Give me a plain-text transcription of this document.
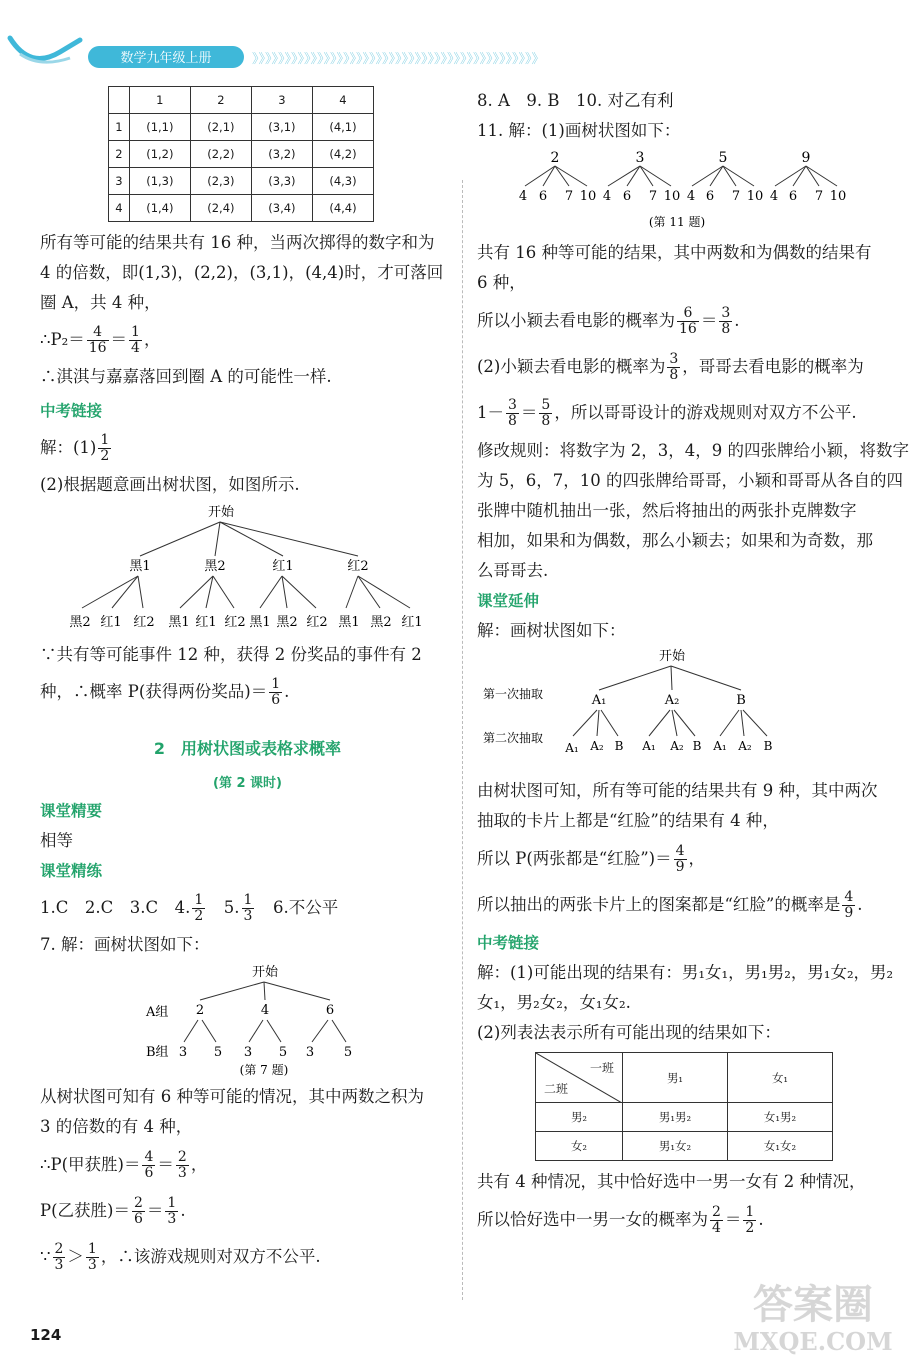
数学九年级上册	》》》》》》》》》》》》》》》》》》》》》》》》》》》》》》》》》》》》》》》》》》》》
	1	2	3	4
1	(1,1)	(2,1)	(3,1)	(4,1)
2	(1,2)	(2,2)	(3,2)	(4,2)
3	(1,3)	(2,3)	(3,3)	(4,3)
4	(1,4)	(2,4)	(3,4)	(4,4)
所有等可能的结果共有 16 种，当两次掷得的数字和为
4 的倍数，即(1,3)，(2,2)，(3,1)，(4,4)时，才可落回
圈 A，共 4 种，
∴P₂＝ $\frac{4}{16} = \frac{1}{4}$ ，
∴淇淇与嘉嘉落回到圈 A 的可能性一样.
中考链接
解：$(1) \frac{1}{2}$
(2)根据题意画出树状图，如图所示.
开始
黑1	黑2	红1	红2
黑2 红1 红2 黑1 红1 红2 黑1 黑2 红2 黑1 黑2 红1
∵共有等可能事件 12 种，获得 2 份奖品的事件有 2
种，∴概率 P(获得两份奖品)＝ $\frac{1}{6}$ .
2　用树状图或表格求概率
(第 2 课时)
课堂精要
相等
课堂精练
1.C　2.C　3.C　4. $\frac{1}{2}$ 　5. $\frac{1}{3}$ 　6.不公平
7. 解：画树状图如下：
开始
A组 2	4	6
B组 3 5 3 5 3 5
(第 7 题)
从树状图可知有 6 种等可能的情况，其中两数之积为
3 的倍数的有 4 种，
∴P(甲获胜)＝ $\frac{4}{6} = \frac{2}{3}$ ，
P(乙获胜)＝ $\frac{2}{6} = \frac{1}{3}$ .
∵ $\frac{2}{3} > \frac{1}{3}$ ，∴该游戏规则对双方不公平.
8. A　9. B　10. 对乙有利
11. 解：(1)画树状图如下：
2
4 6 7 10
3
4 6 7 10
5
4 6 7 10
9
4 6 7 10
(第 11 题)
共有 16 种等可能的结果，其中两数和为偶数的结果有
6 种，
所以小颖去看电影的概率为 $\frac{6}{16} = \frac{3}{8}$ .
(2)小颖去看电影的概率为 $\frac{3}{8}$ ，哥哥去看电影的概率为
$1- \frac{3}{8} = \frac{5}{8}$ ，所以哥哥设计的游戏规则对双方不公平.
修改规则：将数字为 2，3，4，9 的四张牌给小颖，将数字
为 5，6，7，10 的四张牌给哥哥，小颖和哥哥从各自的四
张牌中随机抽出一张，然后将抽出的两张扑克牌数字
相加，如果和为偶数，那么小颖去；如果和为奇数，那
么哥哥去.
课堂延伸
解：画树状图如下：
开始
第一次抽取	A₁	A₂	B
第二次抽取
A₁ A₂ B A₁ A₂ B A₁ A₂ B
由树状图可知，所有等可能的结果共有 9 种，其中两次
抽取的卡片上都是“红脸”的结果有 4 种，
所以 P(两张都是“红脸”)＝ $\frac{4}{9}$ ，
所以抽出的两张卡片上的图案都是“红脸”的概率是 $\frac{4}{9}$ .
中考链接
解：(1)可能出现的结果有：男₁女₁，男₁男₂，男₁女₂，男₂
女₁，男₂女₂，女₁女₂.
(2)列表法表示所有可能出现的结果如下：
一班
二班	男₁	女₁
男₂	男₁男₂	女₁男₂
女₂	男₁女₂	女₁女₂
共有 4 种情况，其中恰好选中一男一女有 2 种情况，
所以恰好选中一男一女的概率为 $\frac{2}{4} = \frac{1}{2}$ .
124
答案圈
MXQE.COM
